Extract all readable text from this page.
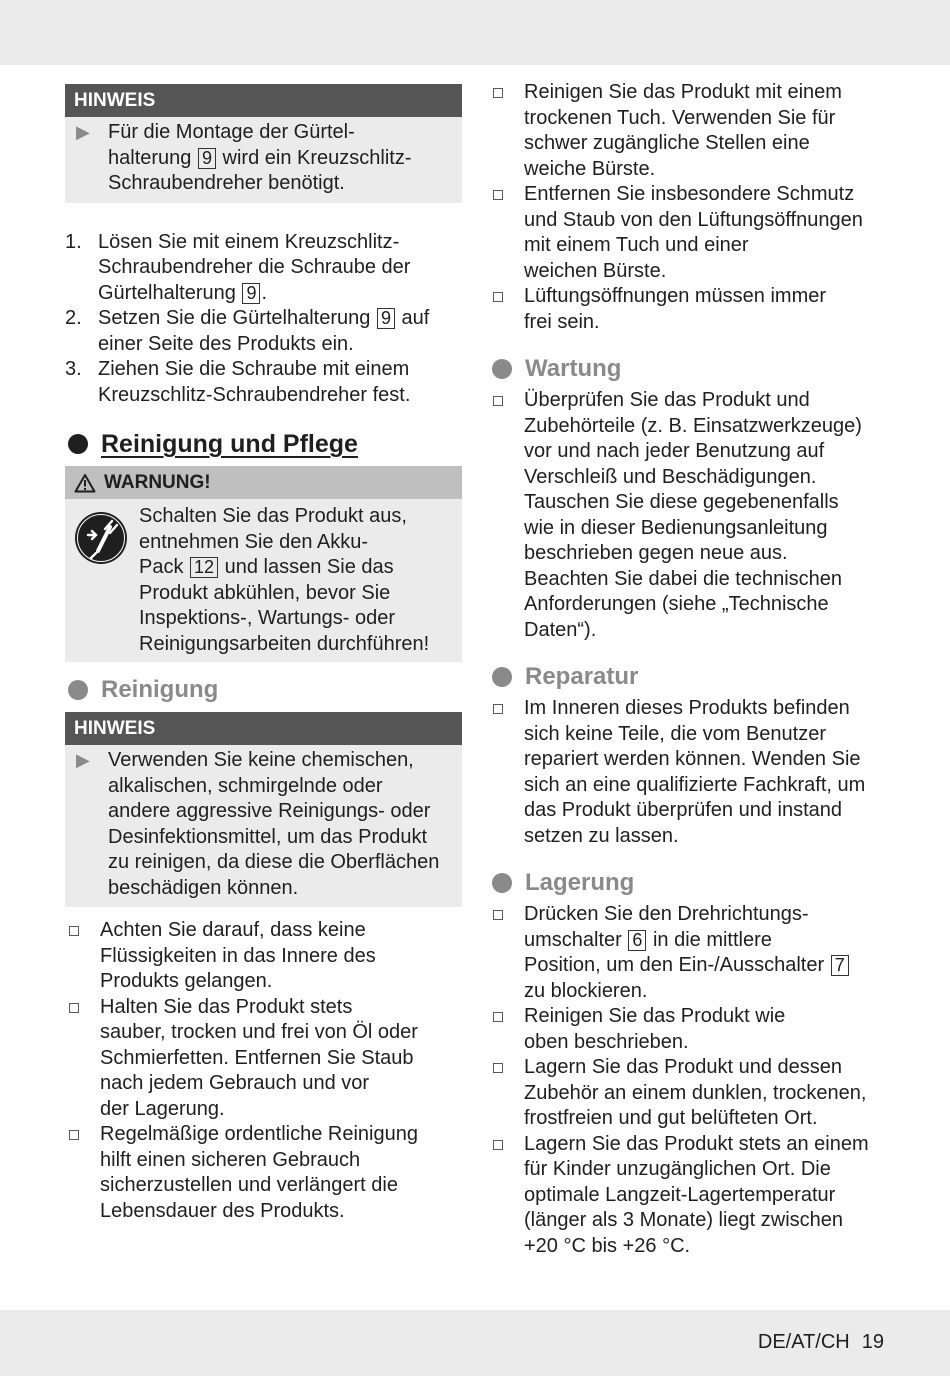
HINWEIS
▶ Für die Montage der Gürtel-
halterung 9 wird ein Kreuzschlitz-
Schraubendreher benötigt.
1. Lösen Sie mit einem Kreuzschlitz-
Schraubendreher die Schraube der
Gürtelhalterung 9 .
2. Setzen Sie die Gürtelhalterung 9 auf
einer Seite des Produkts ein.
3. Ziehen Sie die Schraube mit einem
Kreuzschlitz-Schraubendreher fest.
Reinigung und Pflege
WARNUNG!
Schalten Sie das Produkt aus,
entnehmen Sie den Akku-
Pack 12 und lassen Sie das
Produkt abkühlen, bevor Sie
Inspektions-, Wartungs- oder
Reinigungsarbeiten durchführen!
Reinigung
HINWEIS
▶ Verwenden Sie keine chemischen,
alkalischen, schmirgelnde oder
andere aggressive Reinigungs- oder
Desinfektionsmittel, um das Produkt
zu reinigen, da diese die Oberflächen
beschädigen können.
Achten Sie darauf, dass keine
Flüssigkeiten in das Innere des
Produkts gelangen.
Halten Sie das Produkt stets
sauber, trocken und frei von Öl oder
Schmierfetten. Entfernen Sie Staub
nach jedem Gebrauch und vor
der Lagerung.
Regelmäßige ordentliche Reinigung
hilft einen sicheren Gebrauch
sicherzustellen und verlängert die
Lebensdauer des Produkts.
Reinigen Sie das Produkt mit einem
trockenen Tuch. Verwenden Sie für
schwer zugängliche Stellen eine
weiche Bürste.
Entfernen Sie insbesondere Schmutz
und Staub von den Lüftungsöffnungen
mit einem Tuch und einer
weichen Bürste.
Lüftungsöffnungen müssen immer
frei sein.
Wartung
Überprüfen Sie das Produkt und
Zubehörteile (z. B. Einsatzwerkzeuge)
vor und nach jeder Benutzung auf
Verschleiß und Beschädigungen.
Tauschen Sie diese gegebenenfalls
wie in dieser Bedienungsanleitung
beschrieben gegen neue aus.
Beachten Sie dabei die technischen
Anforderungen (siehe „Technische
Daten“).
Reparatur
Im Inneren dieses Produkts befinden
sich keine Teile, die vom Benutzer
repariert werden können. Wenden Sie
sich an eine qualifizierte Fachkraft, um
das Produkt überprüfen und instand
setzen zu lassen.
Lagerung
Drücken Sie den Drehrichtungs-
umschalter 6 in die mittlere
Position, um den Ein-/Ausschalter 7
zu blockieren.
Reinigen Sie das Produkt wie
oben beschrieben.
Lagern Sie das Produkt und dessen
Zubehör an einem dunklen, trockenen,
frostfreien und gut belüfteten Ort.
Lagern Sie das Produkt stets an einem
für Kinder unzugänglichen Ort. Die
optimale Langzeit-Lagertemperatur
(länger als 3 Monate) liegt zwischen
+20 °C bis +26 °C.
DE/AT/CH 19
